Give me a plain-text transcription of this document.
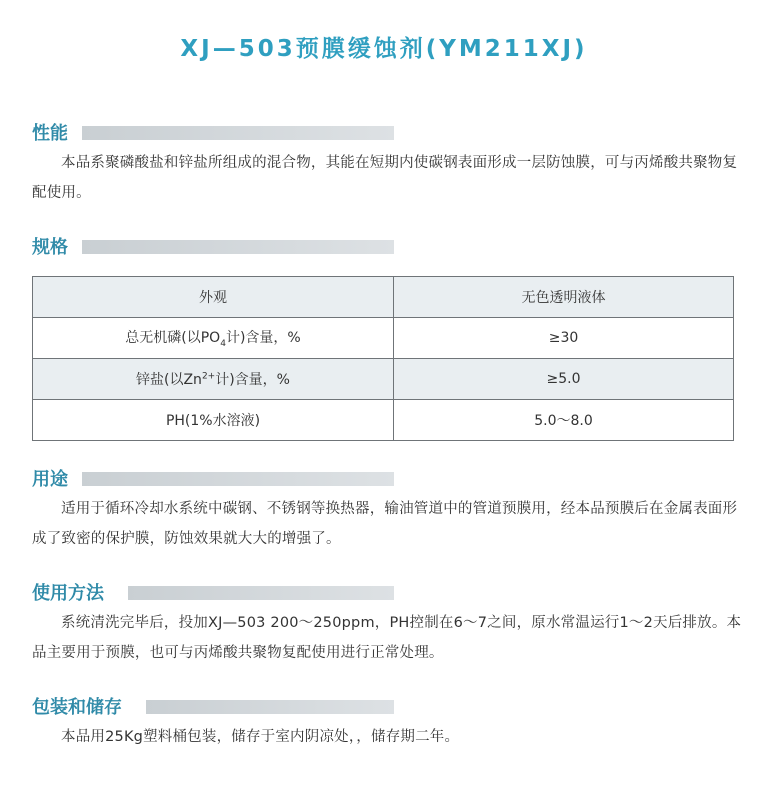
XJ—503预膜缓蚀剂(YM211XJ)
性能

本品系聚磷酸盐和锌盐所组成的混合物，其能在短期内使碳钢表面形成一层防蚀膜，可与丙烯酸共聚物复配使用。

规格
外观	无色透明液体
总无机磷(以$PO_4$计)含量，%	≥30
锌盐(以$Zn^{2+}$计)含量，%	≥5.0
PH(1%水溶液)	5.0～8.0
用途

适用于循环冷却水系统中碳钢、不锈钢等换热器，输油管道中的管道预膜用，经本品预膜后在金属表面形成了致密的保护膜，防蚀效果就大大的增强了。

使用方法

系统清洗完毕后，投加XJ—503 200～250ppm，PH控制在6～7之间，原水常温运行1～2天后排放。本品主要用于预膜，也可与丙烯酸共聚物复配使用进行正常处理。

包装和储存

本品用25Kg塑料桶包装，储存于室内阴凉处，，储存期二年。
